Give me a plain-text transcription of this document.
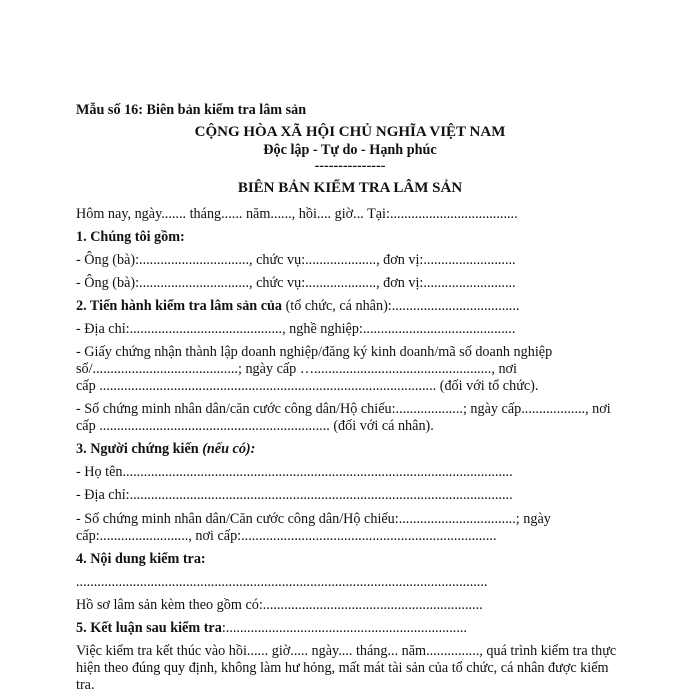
Mẫu số 16: Biên bản kiểm tra lâm sản
CỘNG HÒA XÃ HỘI CHỦ NGHĨA VIỆT NAM
Độc lập - Tự do - Hạnh phúc
---------------
BIÊN BẢN KIỂM TRA LÂM SẢN
Hôm nay, ngày....... tháng...... năm......, hồi.... giờ... Tại:....................................
1. Chúng tôi gồm:
- Ông (bà):..............................., chức vụ:...................., đơn vị:..........................
- Ông (bà):..............................., chức vụ:...................., đơn vị:..........................
2. Tiến hành kiểm tra lâm sản của (tổ chức, cá nhân):....................................
- Địa chỉ:..........................................., nghề nghiệp:...........................................
- Giấy chứng nhận thành lập doanh nghiệp/đăng ký kinh doanh/mã số doanh nghiệp
số/.........................................; ngày cấp ….................................................., nơi
cấp ............................................................................................... (đối với tổ chức).
- Số chứng minh nhân dân/căn cước công dân/Hộ chiếu:...................; ngày cấp.................., nơi
cấp ................................................................. (đối với cá nhân).
3. Người chứng kiến (nếu có):
- Họ tên..............................................................................................................
- Địa chỉ:............................................................................................................
- Số chứng minh nhân dân/Căn cước công dân/Hộ chiếu:.................................; ngày
cấp:........................., nơi cấp:........................................................................
4. Nội dung kiểm tra:
....................................................................................................................
Hồ sơ lâm sản kèm theo gồm có:..............................................................
5. Kết luận sau kiểm tra:....................................................................
Việc kiểm tra kết thúc vào hồi...... giờ..... ngày.... tháng... năm..............., quá trình kiểm tra thực
hiện theo đúng quy định, không làm hư hỏng, mất mát tài sản của tổ chức, cá nhân được kiểm
tra.
